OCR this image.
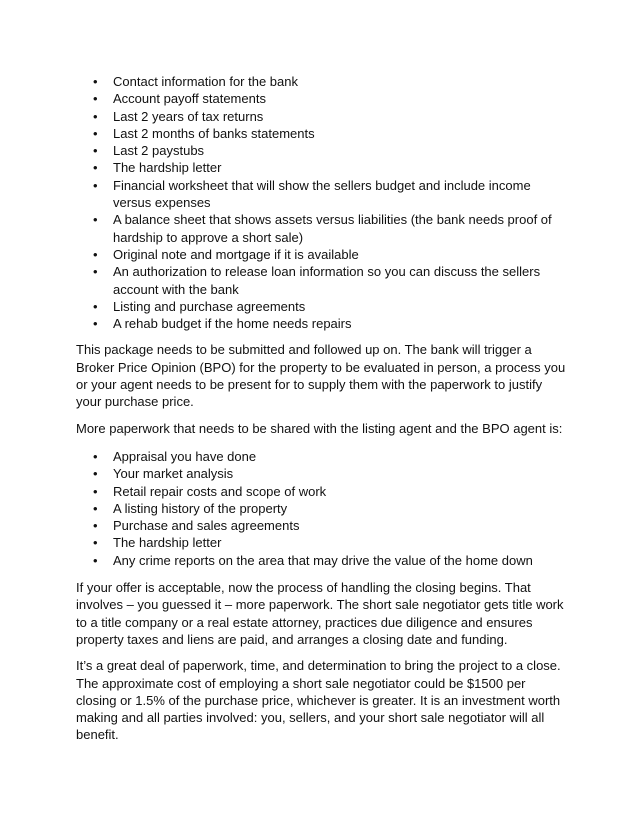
• Contact information for the bank
• Account payoff statements
• Last 2 years of tax returns
• Last 2 months of banks statements
• Last 2 paystubs
• The hardship letter
• Financial worksheet that will show the sellers budget and include income versus expenses
• A balance sheet that shows assets versus liabilities (the bank needs proof of hardship to approve a short sale)
• Original note and mortgage if it is available
• An authorization to release loan information so you can discuss the sellers account with the bank
• Listing and purchase agreements
• A rehab budget if the home needs repairs

This package needs to be submitted and followed up on. The bank will trigger a Broker Price Opinion (BPO) for the property to be evaluated in person, a process you or your agent needs to be present for to supply them with the paperwork to justify your purchase price.

More paperwork that needs to be shared with the listing agent and the BPO agent is:

• Appraisal you have done
• Your market analysis
• Retail repair costs and scope of work
• A listing history of the property
• Purchase and sales agreements
• The hardship letter
• Any crime reports on the area that may drive the value of the home down

If your offer is acceptable, now the process of handling the closing begins. That involves – you guessed it – more paperwork. The short sale negotiator gets title work to a title company or a real estate attorney, practices due diligence and ensures property taxes and liens are paid, and arranges a closing date and funding.

It’s a great deal of paperwork, time, and determination to bring the project to a close. The approximate cost of employing a short sale negotiator could be $1500 per closing or 1.5% of the purchase price, whichever is greater. It is an investment worth making and all parties involved: you, sellers, and your short sale negotiator will all benefit.
